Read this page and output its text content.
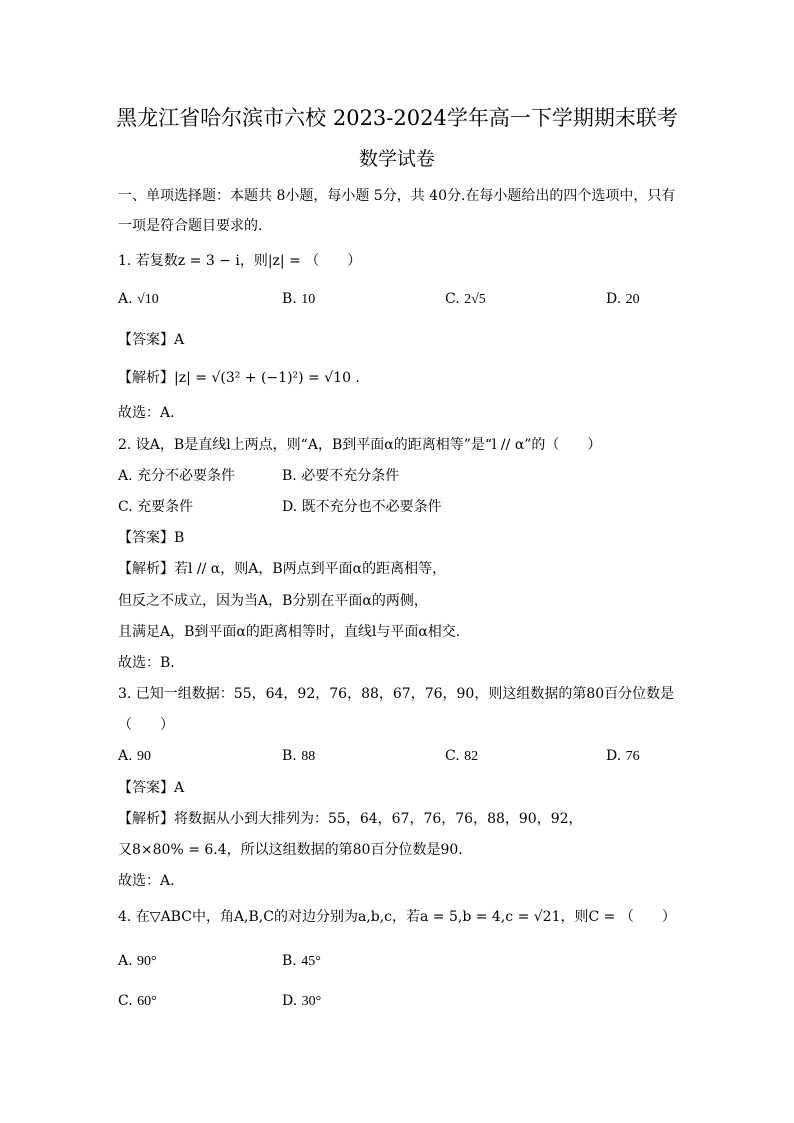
黑龙江省哈尔滨市六校 2023-2024学年高一下学期期末联考
数学试卷
一、单项选择题：本题共 8小题，每小题 5分，共 40分.在每小题给出的四个选项中，只有
一项是符合题目要求的.
1. 若复数z = 3 − i，则|z| = （　　）
A. √10	B. 10	C. 2√5	D. 20
【答案】A
【解析】|z| = √(3² + (−1)²) = √10 .
故选：A.
2. 设A，B是直线l上两点，则“A，B到平面α的距离相等”是“l // α”的（　　）
A. 充分不必要条件	B. 必要不充分条件
C. 充要条件	D. 既不充分也不必要条件
【答案】B
【解析】若l // α，则A，B两点到平面α的距离相等，
但反之不成立，因为当A，B分别在平面α的两侧，
且满足A，B到平面α的距离相等时，直线l与平面α相交.
故选：B.
3. 已知一组数据：55，64，92，76，88，67，76，90，则这组数据的第80百分位数是
（　　）
A. 90	B. 88	C. 82	D. 76
【答案】A
【解析】将数据从小到大排列为：55，64，67，76，76，88，90，92，
又8×80% = 6.4，所以这组数据的第80百分位数是90.
故选：A.
4. 在▽ABC中，角A,B,C的对边分别为a,b,c，若a = 5,b = 4,c = √21，则C = （　　）
A. 90°	B. 45°
C. 60°	D. 30°
